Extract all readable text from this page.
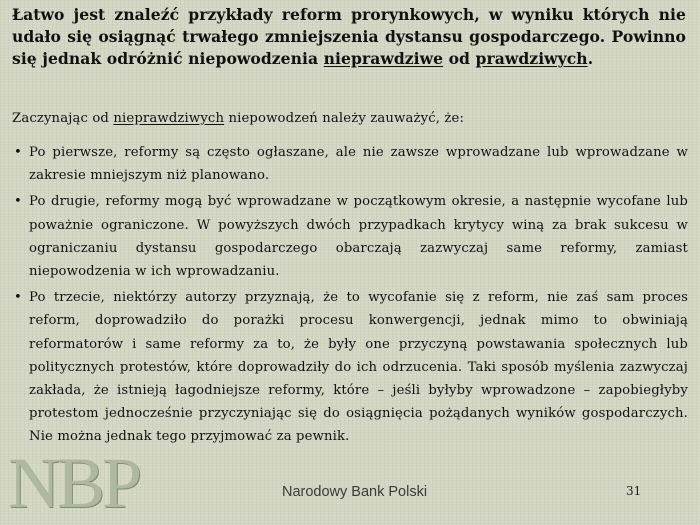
Łatwo jest znaleźć przykłady reform prorynkowych, w wyniku których nie udało się osiągnąć trwałego zmniejszenia dystansu gospodarczego. Powinno się jednak odróżnić niepowodzenia nieprawdziwe od prawdziwych.
Zaczynając od nieprawdziwych niepowodzeń należy zauważyć, że:
• Po pierwsze, reformy są często ogłaszane, ale nie zawsze wprowadzane lub wprowadzane w zakresie mniejszym niż planowano.
• Po drugie, reformy mogą być wprowadzane w początkowym okresie, a następnie wycofane lub poważnie ograniczone. W powyższych dwóch przypadkach krytycy winą za brak sukcesu w ograniczaniu dystansu gospodarczego obarczają zazwyczaj same reformy, zamiast niepowodzenia w ich wprowadzaniu.
• Po trzecie, niektórzy autorzy przyznają, że to wycofanie się z reform, nie zaś sam proces reform, doprowadziło do porażki procesu konwergencji, jednak mimo to obwiniają reformatorów i same reformy za to, że były one przyczyną powstawania społecznych lub politycznych protestów, które doprowadziły do ich odrzucenia. Taki sposób myślenia zazwyczaj zakłada, że istnieją łagodniejsze reformy, które – jeśli byłyby wprowadzone – zapobiegłyby protestom jednocześnie przyczyniając się do osiągnięcia pożądanych wyników gospodarczych. Nie można jednak tego przyjmować za pewnik.
NBP	Narodowy Bank Polski	31
